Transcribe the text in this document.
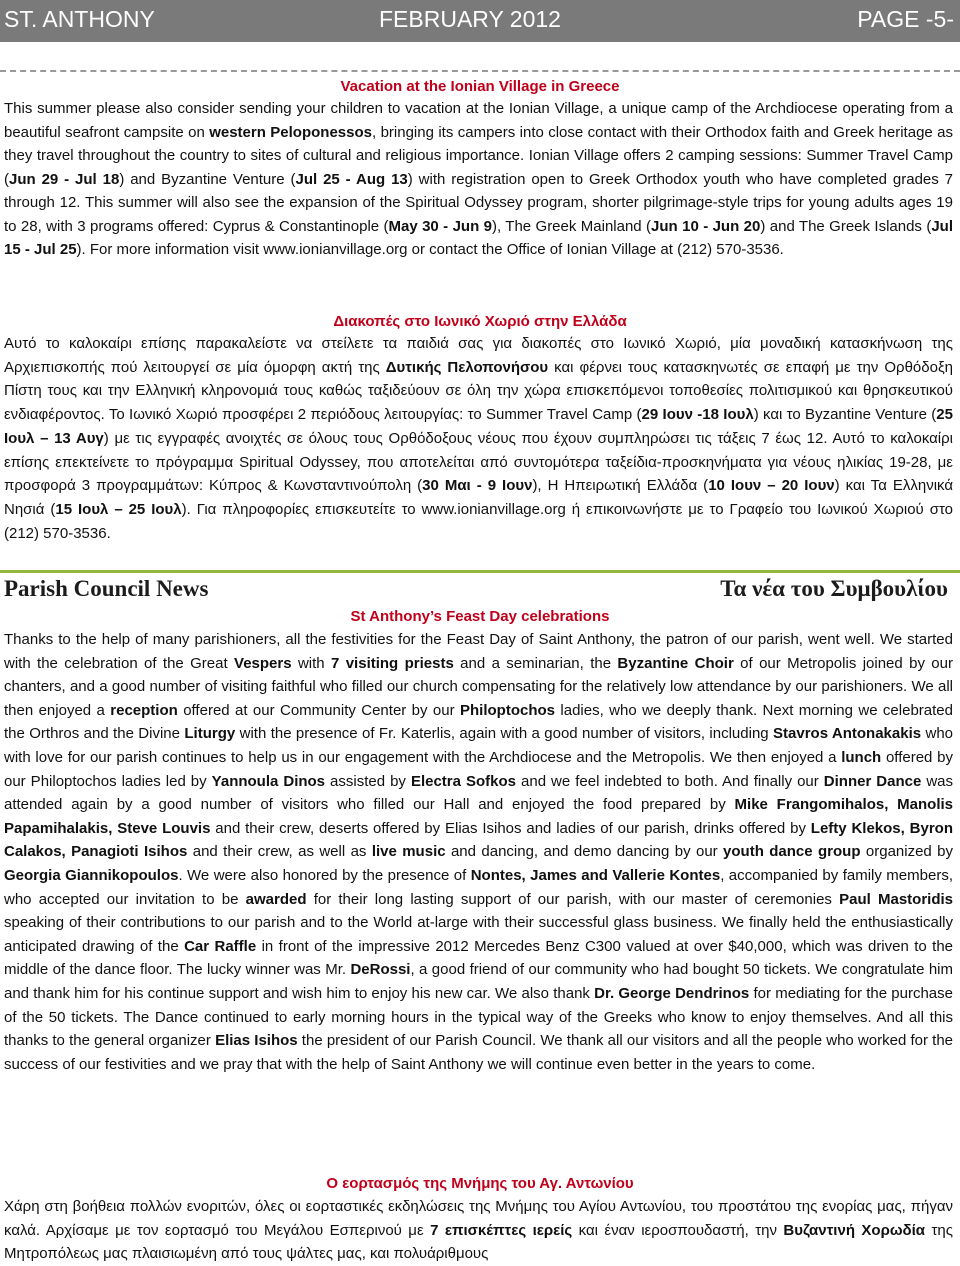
ST. ANTHONY	FEBRUARY 2012	PAGE -5-
Vacation at the Ionian Village in Greece
This summer please also consider sending your children to vacation at the Ionian Village, a unique camp of the Archdiocese operating from a beautiful seafront campsite on western Peloponessos, bringing its campers into close contact with their Orthodox faith and Greek heritage as they travel throughout the country to sites of cultural and religious importance. Ionian Village offers 2 camping sessions: Summer Travel Camp (Jun 29 - Jul 18) and Byzantine Venture (Jul 25 - Aug 13) with registration open to Greek Orthodox youth who have completed grades 7 through 12. This summer will also see the expansion of the Spiritual Odyssey program, shorter pilgrimage-style trips for young adults ages 19 to 28, with 3 programs offered: Cyprus & Constantinople (May 30 - Jun 9), The Greek Mainland (Jun 10 - Jun 20) and The Greek Islands (Jul 15 - Jul 25). For more information visit www.ionianvillage.org or contact the Office of Ionian Village at (212) 570-3536.
Διακοπές στο Ιωνικό Χωριό στην Ελλάδα
Αυτό το καλοκαίρι επίσης παρακαλείστε να στείλετε τα παιδιά σας για διακοπές στο Ιωνικό Χωριό, μία μοναδική κατασκήνωση της Αρχιεπισκοπής πού λειτουργεί σε μία όμορφη ακτή της Δυτικής Πελοπονήσου και φέρνει τους κατασκηνωτές σε επαφή με την Ορθόδοξη Πίστη τους και την Ελληνική κληρονομιά τους καθώς ταξιδεύουν σε όλη την χώρα επισκεπόμενοι τοποθεσίες πολιτισμικού και θρησκευτικού ενδιαφέροντος. Το Ιωνικό Χωριό προσφέρει 2 περιόδους λειτουργίας: το Summer Travel Camp (29 Ιουν -18 Ιουλ) και το Byzantine Venture (25 Ιουλ – 13 Αυγ) με τις εγγραφές ανοιχτές σε όλους τους Ορθόδοξους νέους που έχουν συμπληρώσει τις τάξεις 7 έως 12. Αυτό το καλοκαίρι επίσης επεκτείνετε το πρόγραμμα Spiritual Odyssey, που αποτελείται από συντομότερα ταξείδια-προσκηνήματα για νέους ηλικίας 19-28, με προσφορά 3 προγραμμάτων: Κύπρος & Κωνσταντινούπολη (30 Μαι - 9 Ιουν), Η Ηπειρωτική Ελλάδα (10 Ιουν – 20 Ιουν) και Τα Ελληνικά Νησιά (15 Ιουλ – 25 Ιουλ). Για πληροφορίες επισκευτείτε το www.ionianvillage.org ή επικοινωνήστε με το Γραφείο του Ιωνικού Χωριού στο (212) 570-3536.
Parish Council News	Τα νέα του Συμβουλίου
St Anthony’s Feast Day celebrations
Thanks to the help of many parishioners, all the festivities for the Feast Day of Saint Anthony, the patron of our parish, went well. We started with the celebration of the Great Vespers with 7 visiting priests and a seminarian, the Byzantine Choir of our Metropolis joined by our chanters, and a good number of visiting faithful who filled our church compensating for the relatively low attendance by our parishioners. We all then enjoyed a reception offered at our Community Center by our Philoptochos ladies, who we deeply thank. Next morning we celebrated the Orthros and the Divine Liturgy with the presence of Fr. Katerlis, again with a good number of visitors, including Stavros Antonakakis who with love for our parish continues to help us in our engagement with the Archdiocese and the Metropolis. We then enjoyed a lunch offered by our Philoptochos ladies led by Yannoula Dinos assisted by Electra Sofkos and we feel indebted to both. And finally our Dinner Dance was attended again by a good number of visitors who filled our Hall and enjoyed the food prepared by Mike Frangomihalos, Manolis Papamihalakis, Steve Louvis and their crew, deserts offered by Elias Isihos and ladies of our parish, drinks offered by Lefty Klekos, Byron Calakos, Panagioti Isihos and their crew, as well as live music and dancing, and demo dancing by our youth dance group organized by Georgia Giannikopoulos. We were also honored by the presence of Nontes, James and Vallerie Kontes, accompanied by family members, who accepted our invitation to be awarded for their long lasting support of our parish, with our master of ceremonies Paul Mastoridis speaking of their contributions to our parish and to the World at-large with their successful glass business. We finally held the enthusiastically anticipated drawing of the Car Raffle in front of the impressive 2012 Mercedes Benz C300 valued at over $40,000, which was driven to the middle of the dance floor. The lucky winner was Mr. DeRossi, a good friend of our community who had bought 50 tickets. We congratulate him and thank him for his continue support and wish him to enjoy his new car. We also thank Dr. George Dendrinos for mediating for the purchase of the 50 tickets. The Dance continued to early morning hours in the typical way of the Greeks who know to enjoy themselves. And all this thanks to the general organizer Elias Isihos the president of our Parish Council. We thank all our visitors and all the people who worked for the success of our festivities and we pray that with the help of Saint Anthony we will continue even better in the years to come.
Ο εορτασμός της Μνήμης του Αγ. Αντωνίου
Χάρη στη βοήθεια πολλών ενοριτών, όλες οι εορταστικές εκδηλώσεις της Μνήμης του Αγίου Αντωνίου, του προστάτου της ενορίας μας, πήγαν καλά. Αρχίσαμε με τον εορτασμό του Μεγάλου Εσπερινού με 7 επισκέπτες ιερείς και έναν ιεροσπουδαστή, την Βυζαντινή Χορωδία της Μητροπόλεως μας πλαισιωμένη από τους ψάλτες μας, και πολυάριθμους
